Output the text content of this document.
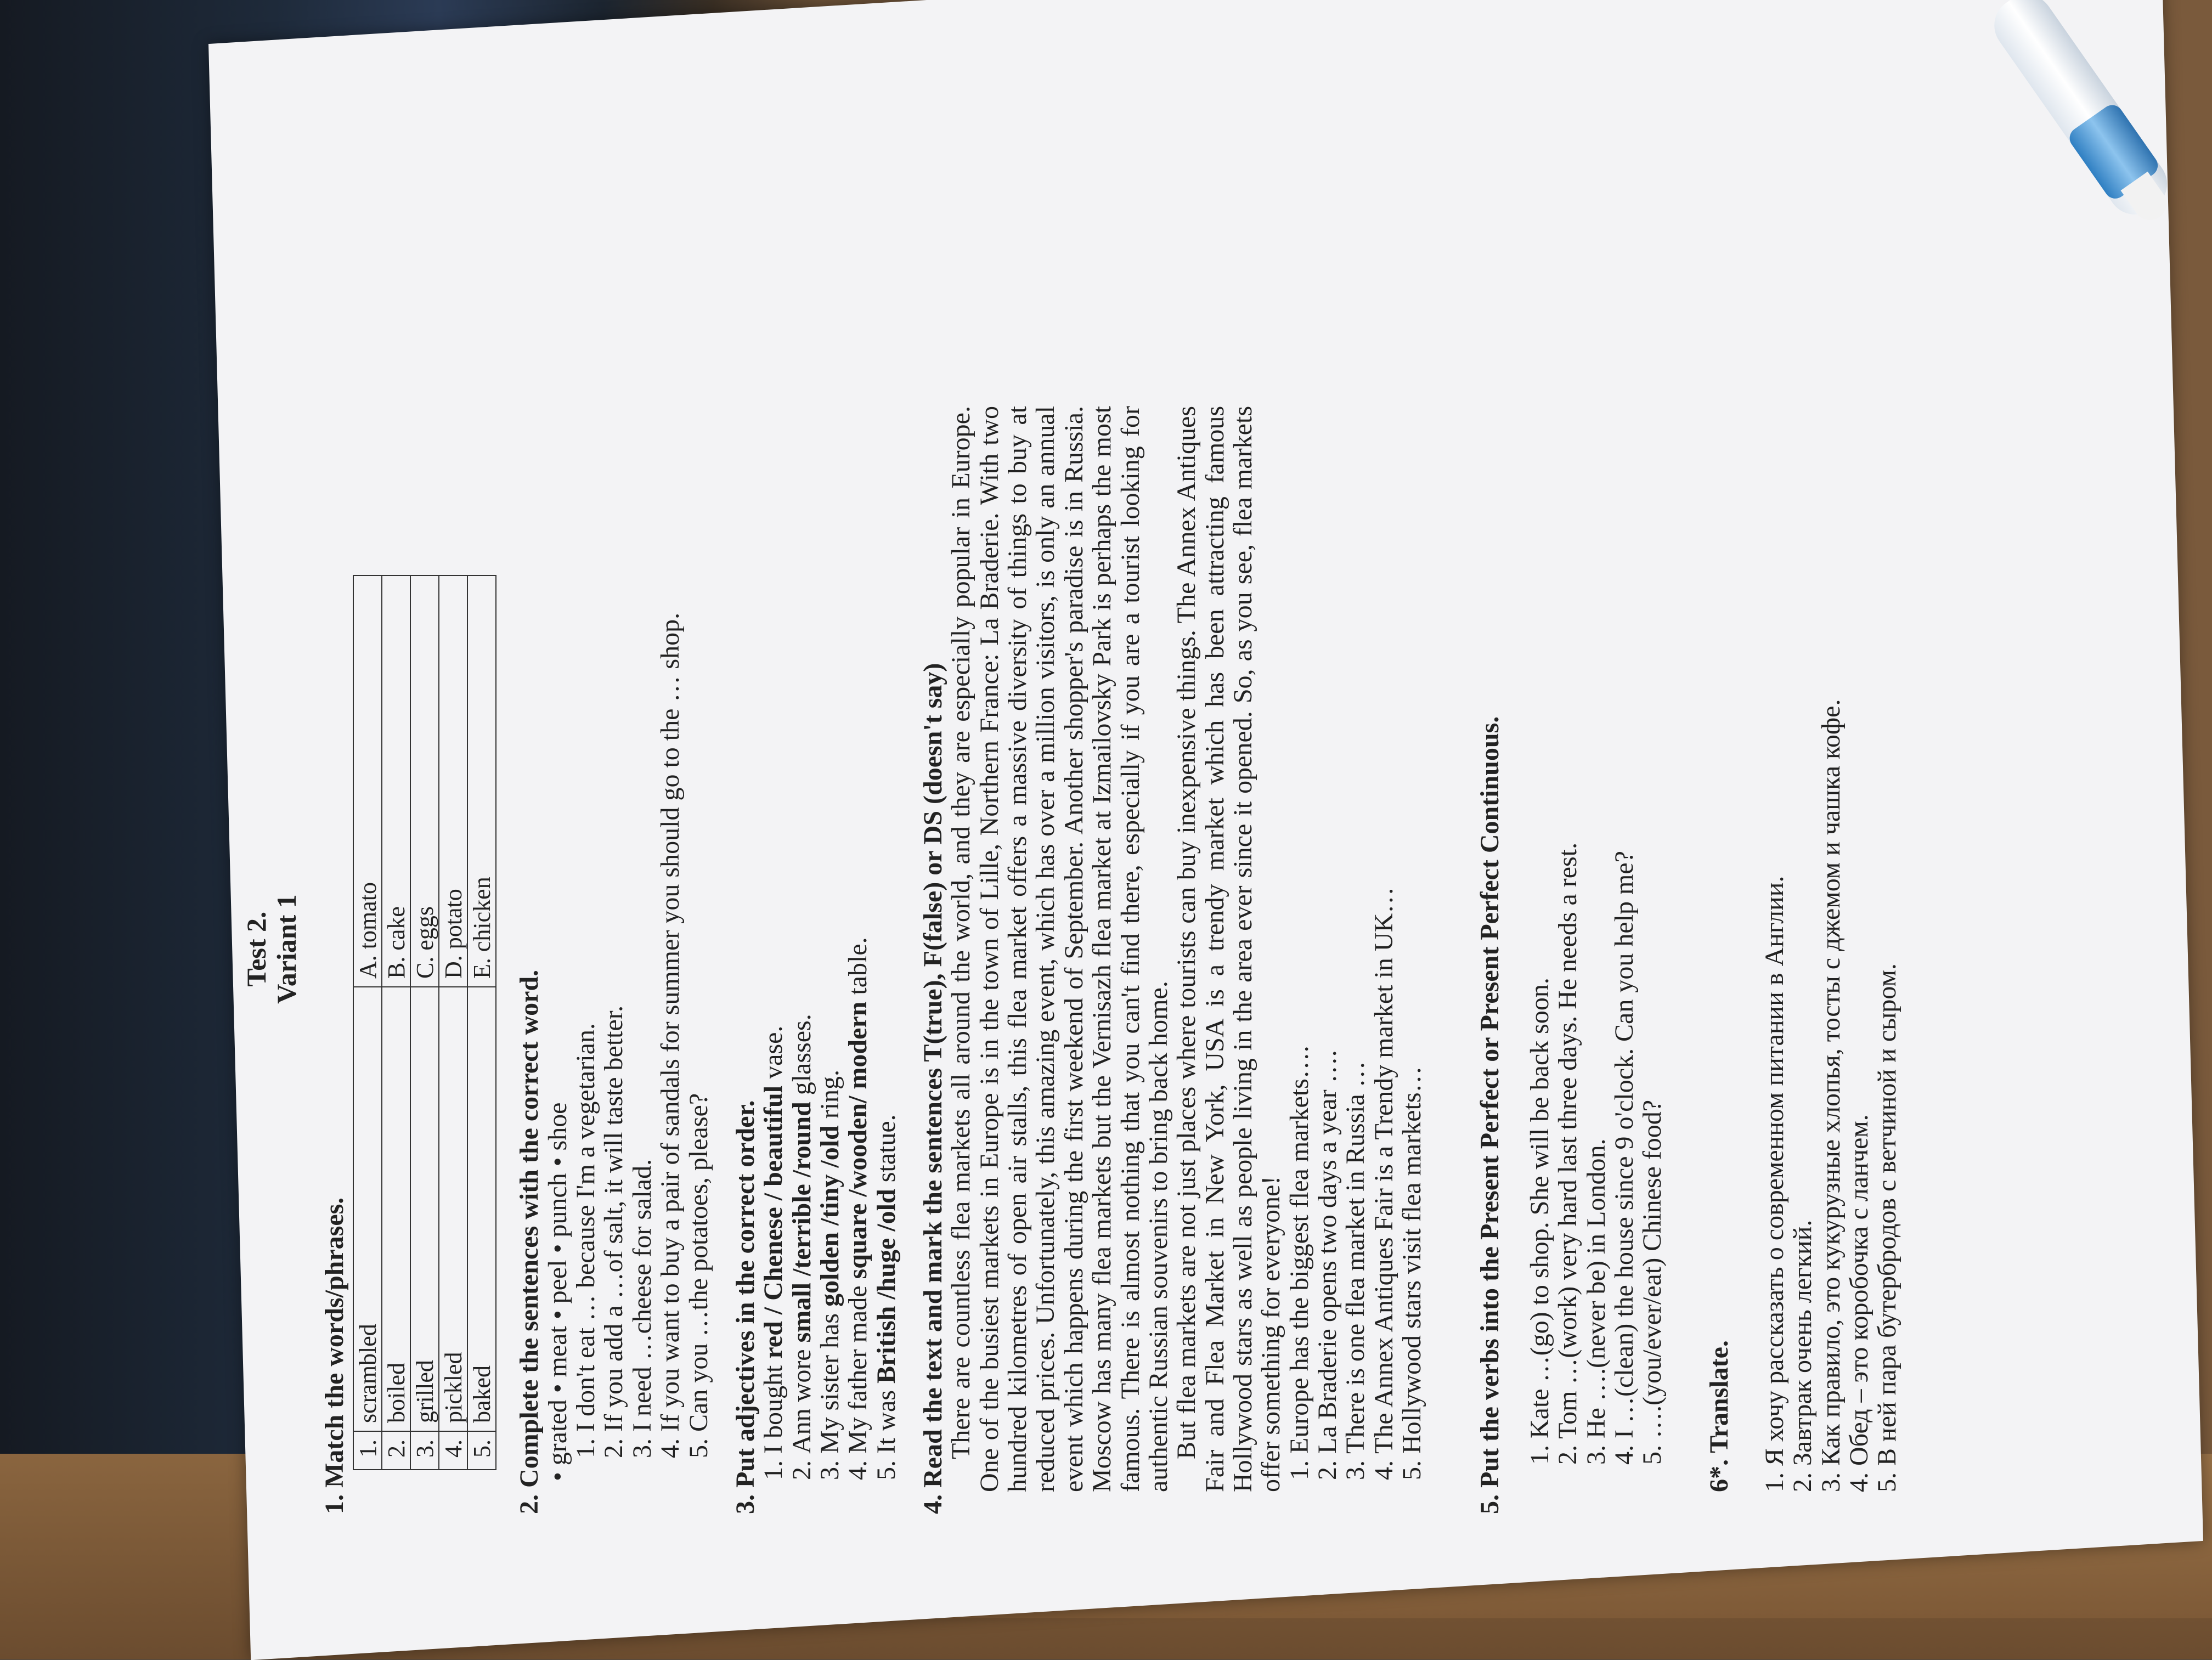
Test 2. Variant 1
1. Match the words/phrases. 1.	scrambled	A. tomato
2.	boiled	B. cake
3.	grilled	C. eggs
4.	pickled	D. potato
5.	baked	E. chicken
2. Complete the sentences with the correct word.
• grated • meat • peel • punch • shoe
1. I don't eat … because I'm a vegetarian.
2. If you add a …of salt, it will taste better.
3. I need …cheese for salad.
4. If you want to buy a pair of sandals for summer you should go to the … shop.
5. Can you …the potatoes, please? 3. Put adjectives in the correct order.
1. I bought red / Chenese / beautiful vase.
2. Ann wore small /terrible /round glasses.
3. My sister has golden /tiny /old ring.
4. My father made square /wooden/ modern table.
5. It was British /huge /old statue. 4. Read the text and mark the sentences T(true), F(false) or DS (doesn't say)
There are countless flea markets all around the world, and they are especially popular in Europe. One of the busiest markets in Europe is in the town of Lille, Northern France: La Braderie. With two hundred kilometres of open air stalls, this flea market offers a massive diversity of things to buy at reduced prices. Unfortunately, this amazing event, which has over a million visitors, is only an annual event which happens during the first weekend of September. Another shopper's paradise is in Russia. Moscow has many flea markets but the Vernisazh flea market at Izmailovsky Park is perhaps the most famous. There is almost nothing that you can't find there, especially if you are a tourist looking for authentic Russian souvenirs to bring back home.
But flea markets are not just places where tourists can buy inexpensive things. The Annex Antiques Fair and Flea Market in New York, USA is a trendy market which has been attracting famous Hollywood stars as well as people living in the area ever since it opened. So, as you see, flea markets offer something for everyone!
1. Europe has the biggest flea markets….
2. La Braderie opens two days a year ….
3. There is one flea market in Russia …
4. The Annex Antiques Fair is a Trendy market in UK…
5. Hollywood stars visit flea markets… 5. Put the verbs into the Present Perfect or Present Perfect Continuous. 1. Kate …(go) to shop. She will be back soon.
2. Tom …(work) very hard last three days. He needs a rest.
3. He ….(never be) in London.
4. I …(clean) the house since 9 o'clock. Can you help me?
5. ….(you/ever/eat) Chinese food? 6*. Translate. 1. Я хочу рассказать о современном питании в Англии.
2. Завтрак очень легкий.
3. Как правило, это кукурузные хлопья, тосты с джемом и чашка кофе.
4. Обед – это коробочка с ланчем.
5. В ней пара бутербродов с ветчиной и сыром.
